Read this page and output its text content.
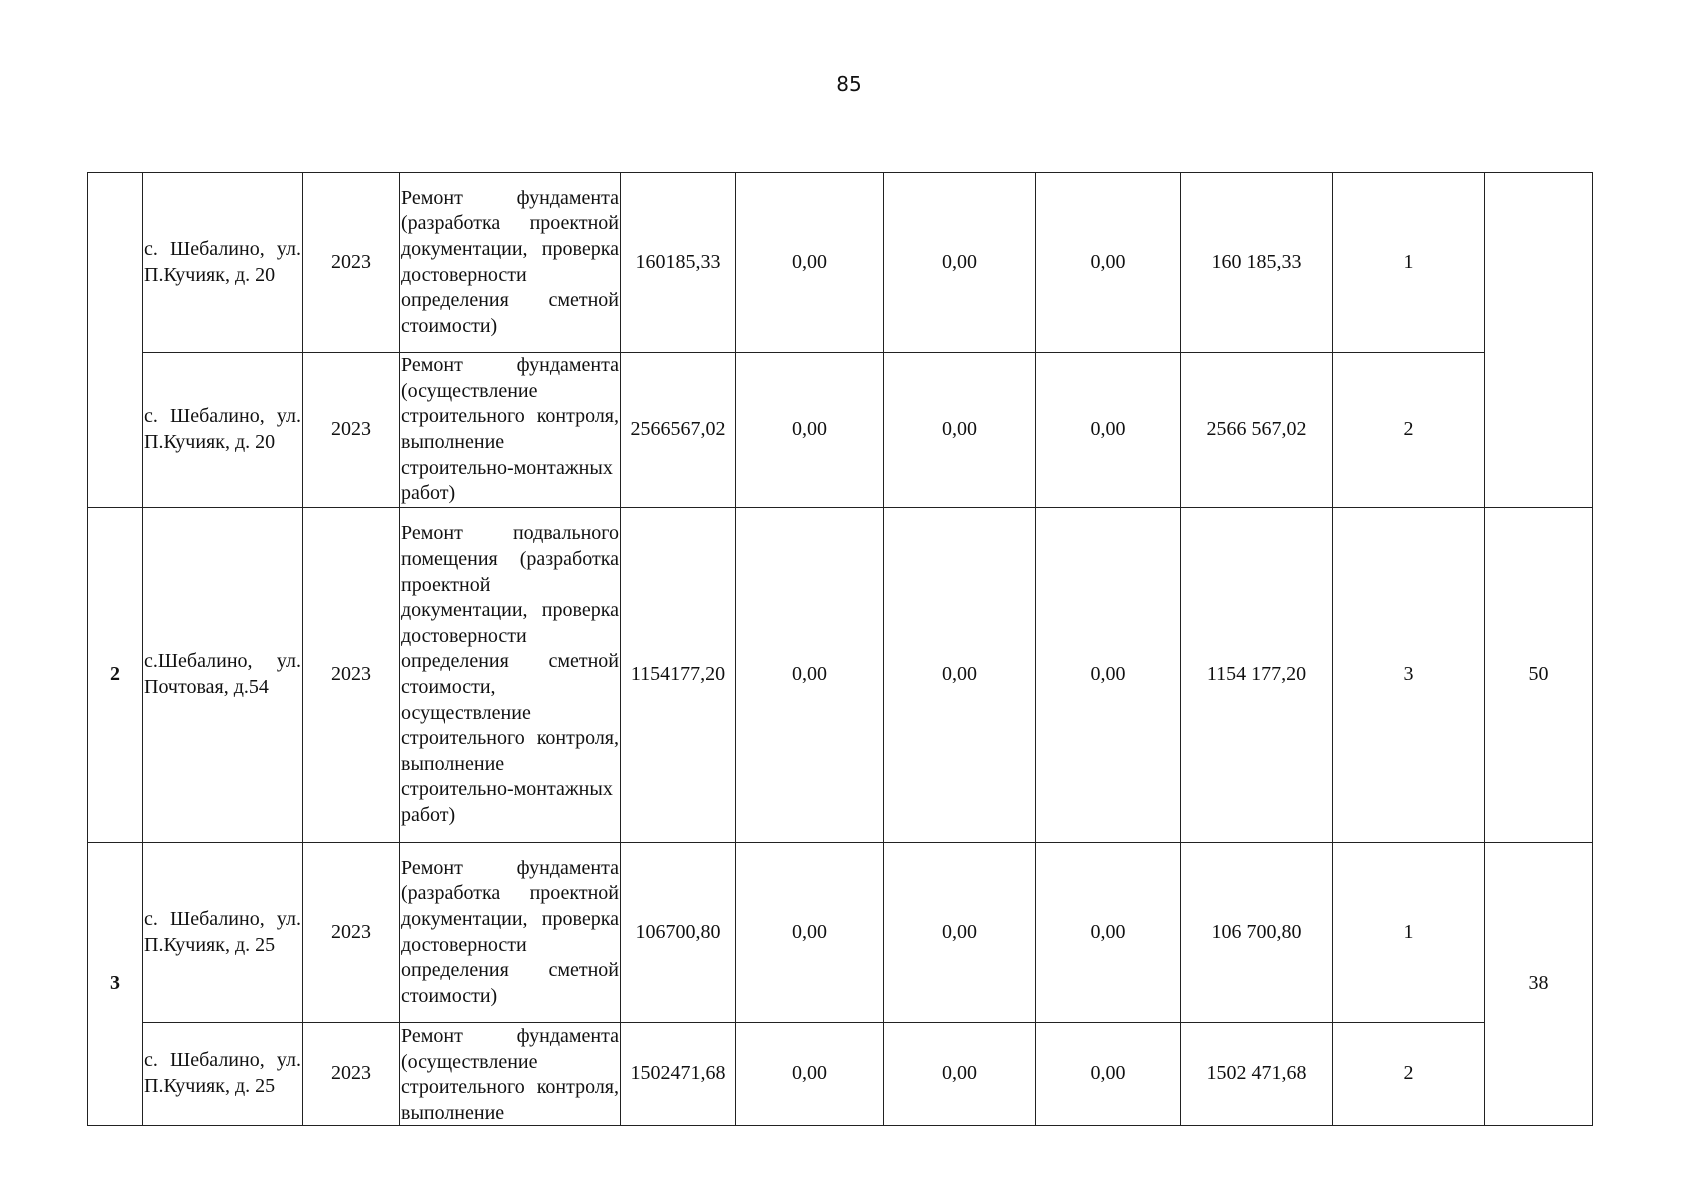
85
	с. Шебалино, ул. П.Кучияк, д. 20	2023	Ремонт фундамента (разработка проектной документации, проверка достоверности определения сметной стоимости)	160185,33	0,00	0,00	0,00	160 185,33	1	
	с. Шебалино, ул. П.Кучияк, д. 20	2023	Ремонт фундамента (осуществление строительного контроля, выполнение строительно-монтажных работ)	2566567,02	0,00	0,00	0,00	2566 567,02	2	
2	с.Шебалино, ул. Почтовая, д.54	2023	Ремонт подвального помещения (разработка проектной документации, проверка достоверности определения сметной стоимости, осуществление строительного контроля, выполнение строительно-монтажных работ)	1154177,20	0,00	0,00	0,00	1154 177,20	3	50
3	с. Шебалино, ул. П.Кучияк, д. 25	2023	Ремонт фундамента (разработка проектной документации, проверка достоверности определения сметной стоимости)	106700,80	0,00	0,00	0,00	106 700,80	1	38
	с. Шебалино, ул. П.Кучияк, д. 25	2023	Ремонт фундамента (осуществление строительного контроля, выполнение	1502471,68	0,00	0,00	0,00	1502 471,68	2	
